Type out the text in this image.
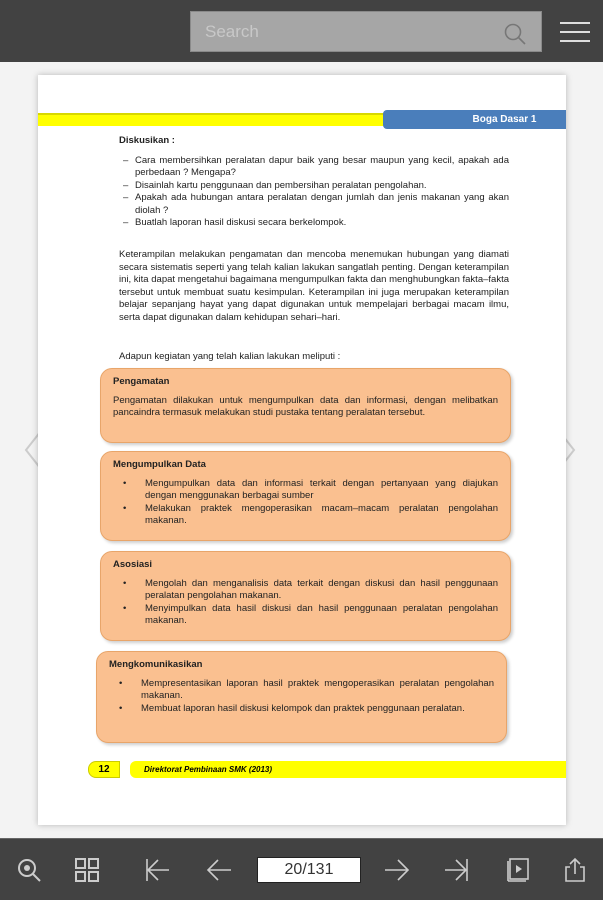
Search
Boga Dasar 1
Diskusikan :
– Cara membersihkan peralatan dapur baik yang besar maupun yang kecil, apakah ada perbedaan ? Mengapa?
– Disainlah kartu penggunaan dan pembersihan peralatan pengolahan.
– Apakah ada hubungan antara peralatan dengan jumlah dan jenis makanan yang akan diolah ?
– Buatlah laporan hasil diskusi secara berkelompok.
Keterampilan melakukan pengamatan dan mencoba menemukan hubungan yang diamati secara sistematis seperti yang telah kalian lakukan sangatlah penting. Dengan keterampilan ini, kita dapat mengetahui bagaimana mengumpulkan fakta dan menghubungkan fakta–fakta tersebut untuk membuat suatu kesimpulan. Keterampilan ini juga merupakan keterampilan belajar sepanjang hayat yang dapat digunakan untuk mempelajari berbagai macam ilmu, serta dapat digunakan dalam kehidupan sehari–hari.
Adapun kegiatan yang telah kalian lakukan meliputi :
Pengamatan

Pengamatan dilakukan untuk mengumpulkan data dan informasi, dengan melibatkan pancaindra termasuk melakukan studi pustaka tentang peralatan tersebut.

Mengumpulkan Data
• Mengumpulkan data dan informasi terkait dengan pertanyaan yang diajukan dengan menggunakan berbagai sumber
• Melakukan praktek mengoperasikan macam–macam peralatan pengolahan makanan.
Asosiasi
• Mengolah dan menganalisis data terkait dengan diskusi dan hasil penggunaan peralatan pengolahan makanan.
• Menyimpulkan data hasil diskusi dan hasil penggunaan peralatan pengolahan makanan.
Mengkomunikasikan
• Mempresentasikan laporan hasil praktek mengoperasikan peralatan pengolahan makanan.
• Membuat laporan hasil diskusi kelompok dan praktek penggunaan peralatan.
12	Direktorat Pembinaan SMK (2013)
20/131
